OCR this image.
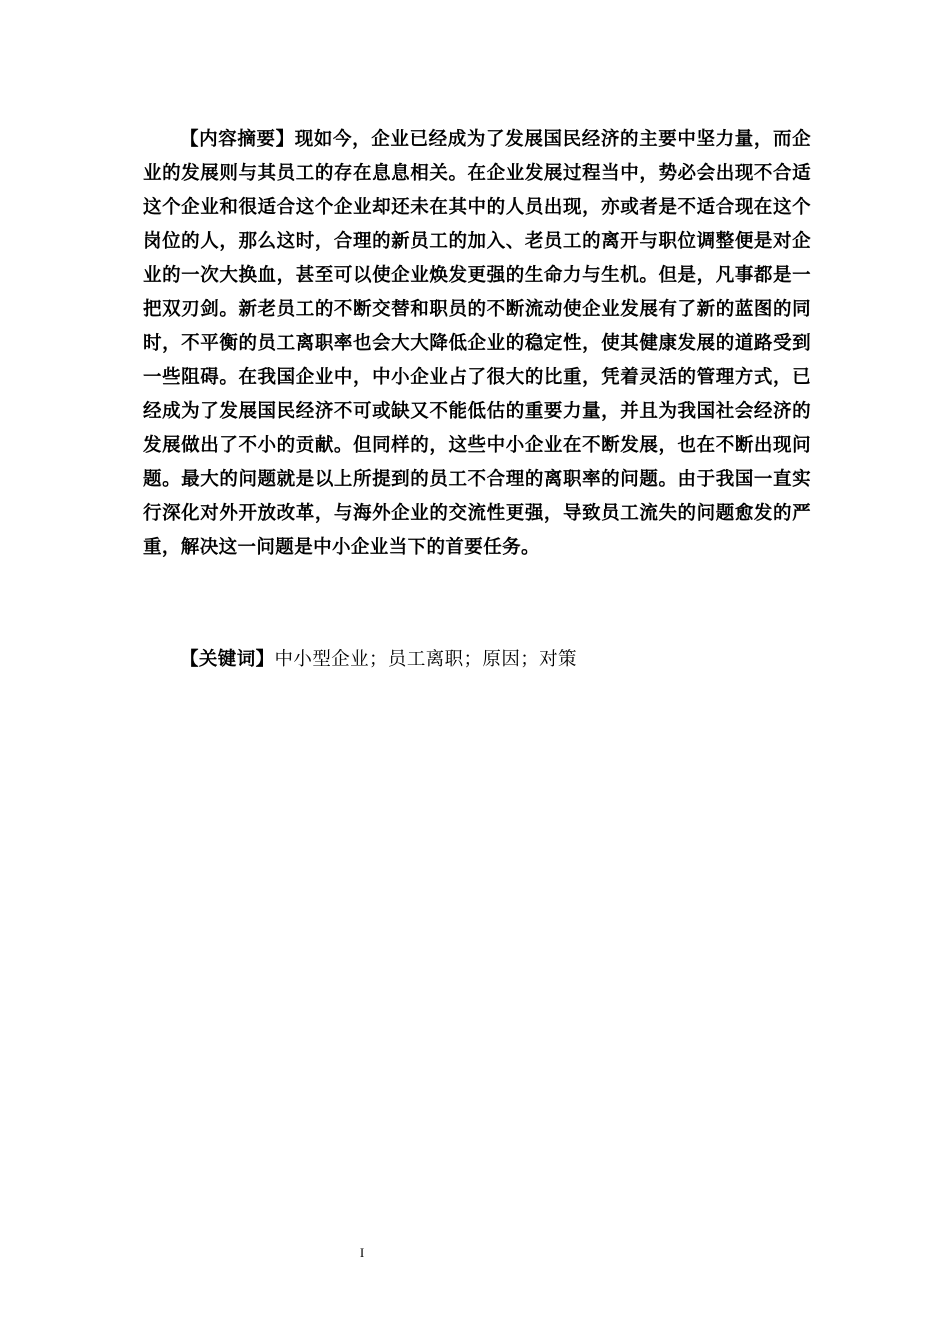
【内容摘要】现如今，企业已经成为了发展国民经济的主要中坚力量，而企业的发展则与其员工的存在息息相关。在企业发展过程当中，势必会出现不合适这个企业和很适合这个企业却还未在其中的人员出现，亦或者是不适合现在这个岗位的人，那么这时，合理的新员工的加入、老员工的离开与职位调整便是对企业的一次大换血，甚至可以使企业焕发更强的生命力与生机。但是，凡事都是一把双刃剑。新老员工的不断交替和职员的不断流动使企业发展有了新的蓝图的同时，不平衡的员工离职率也会大大降低企业的稳定性，使其健康发展的道路受到一些阻碍。在我国企业中，中小企业占了很大的比重，凭着灵活的管理方式，已经成为了发展国民经济不可或缺又不能低估的重要力量，并且为我国社会经济的发展做出了不小的贡献。但同样的，这些中小企业在不断发展，也在不断出现问题。最大的问题就是以上所提到的员工不合理的离职率的问题。由于我国一直实行深化对外开放改革，与海外企业的交流性更强，导致员工流失的问题愈发的严重，解决这一问题是中小企业当下的首要任务。

【关键词】中小型企业；员工离职；原因；对策

I
